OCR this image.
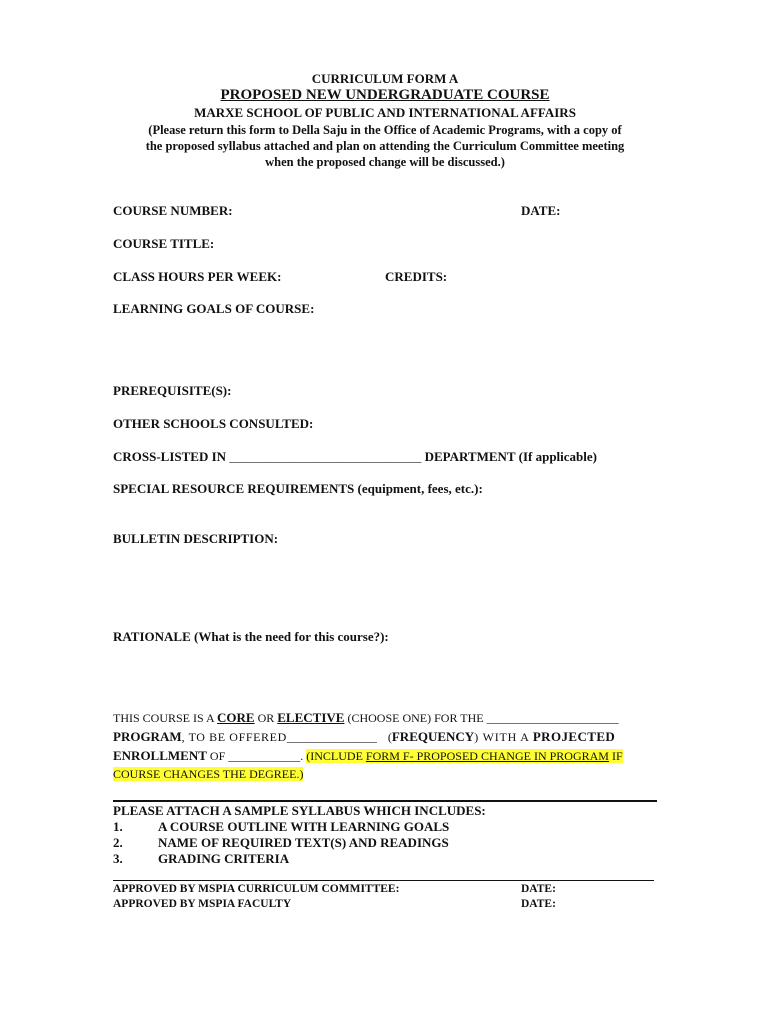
CURRICULUM FORM A
PROPOSED NEW UNDERGRADUATE COURSE
MARXE SCHOOL OF PUBLIC AND INTERNATIONAL AFFAIRS
(Please return this form to Della Saju in the Office of Academic Programs, with a copy of
the proposed syllabus attached and plan on attending the Curriculum Committee meeting
when the proposed change will be discussed.)
COURSE NUMBER:	DATE:
COURSE TITLE:
CLASS HOURS PER WEEK:	CREDITS:
LEARNING GOALS OF COURSE:
PREREQUISITE(S):
OTHER SCHOOLS CONSULTED:
CROSS-LISTED IN ________________________________ DEPARTMENT (If applicable)
SPECIAL RESOURCE REQUIREMENTS (equipment, fees, etc.):
BULLETIN DESCRIPTION:
RATIONALE (What is the need for this course?):
THIS COURSE IS A CORE OR ELECTIVE (CHOOSE ONE) FOR THE ______________________
PROGRAM, TO BE OFFERED_______________ (FREQUENCY) WITH A PROJECTED
ENROLLMENT OF ____________. (INCLUDE FORM F- PROPOSED CHANGE IN PROGRAM IF
COURSE CHANGES THE DEGREE.)
PLEASE ATTACH A SAMPLE SYLLABUS WHICH INCLUDES:
1.	A COURSE OUTLINE WITH LEARNING GOALS
2.	NAME OF REQUIRED TEXT(S) AND READINGS
3.	GRADING CRITERIA
APPROVED BY MSPIA CURRICULUM COMMITTEE:	DATE:
APPROVED BY MSPIA FACULTY	DATE:
